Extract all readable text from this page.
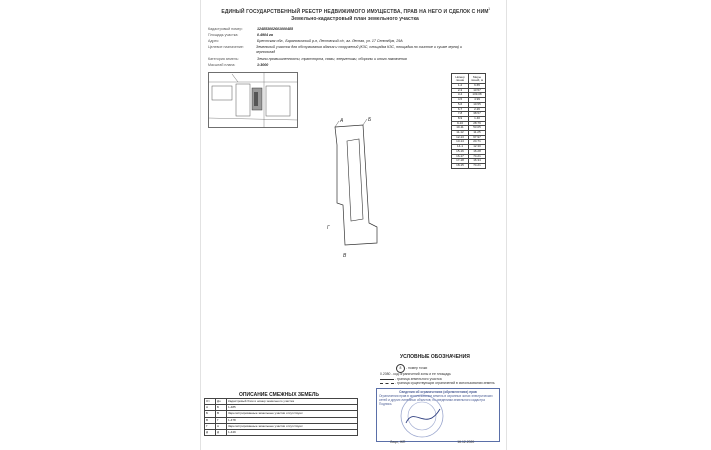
1
ЕДИНЫЙ ГОСУДАРСТВЕННЫЙ РЕЕСТР НЕДВИЖИМОГО ИМУЩЕСТВА, ПРАВ НА НЕГО И СДЕЛОК С НИМ
Земельно-кадастровый план земельного участка
Кадастровый номер:	124853002601000485
Площадь участка:	0.4904 га
Адрес:	Брестская обл., Барановичский р-н, Лесновский с/с, аг. Лесная, ул. 17 Сентября, 29А
Целевое назначение:	Земельный участок для обслуживания здания и сооружений (КЗС, площадка КЗС, площадка по очистке и сушке зерна) и зерносклад
Категория земель:	Земли промышленности, транспорта, связи, энергетики, обороны и иного назначения
Масштаб плана:	1:3000
Номер линии	Меры линий, м
1-2	6.65
2-3	13.57
3-4	109.08
4-5	4.99
5-6	10.55
6-7	2.26
7-8	38.57
8-9	1.40
9-10	28.79
10-11	53.05
11-12	11.25
12-13	67.97
13-14	24.71
14-1	12.30
15-16	16.28
16-17	74.21
17-18	16.34
18-15	74.21
А	Б
В
Г
УСЛОВНЫЕ ОБОЗНАЧЕНИЯ
8 - номер точки
0.2080 - код ограничений зоны и ее площадь
- граница земельного участка
- граница существующих ограничений в использовании земель
Сведения об ограничениях (обременениях) прав
Ограничения прав в использовании земель в охранных зонах электрических сетей и других линейных объектов; по сведениям земельного кадастра
Подпись
ОПИСАНИЕ СМЕЖНЫХ ЗЕМЕЛЬ
От	До	Кадастровый блок и номер земельного участка
А	Б	1-485
Б	В	Зарегистрированные земельные участки отсутствуют
В	Г	1-478
Г	А	Зарегистрированные земельные участки отсутствуют
Д	Д	1-449
Лицо, ЖП	16.12.2020
